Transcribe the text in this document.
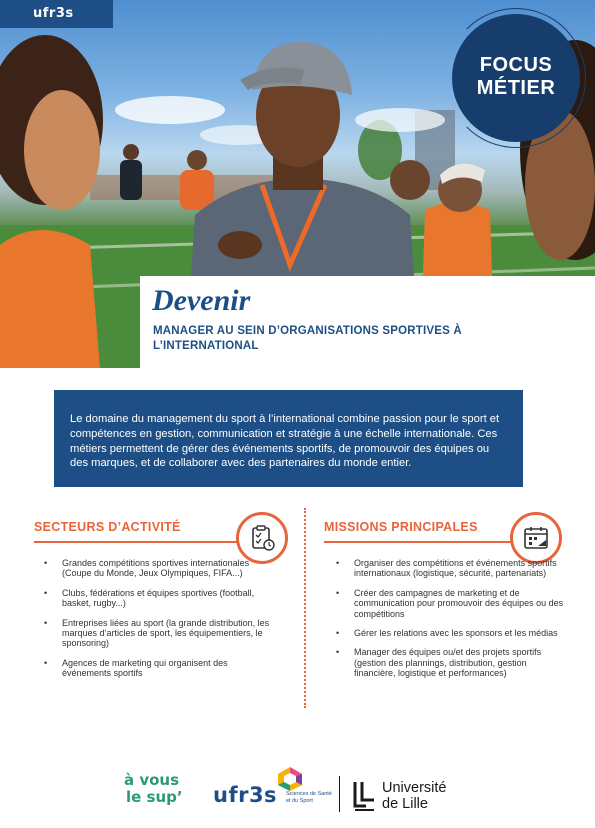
ufr3s
FOCUS
MÉTIER
Devenir
MANAGER AU SEIN D’ORGANISATIONS SPORTIVES À L’INTERNATIONAL
Le domaine du management du sport à l’international combine passion pour le sport et compétences en gestion, communication et stratégie à une échelle internationale. Ces métiers permettent de gérer des événements sportifs, de promouvoir des équipes ou des marques, et de collaborer avec des partenaires du monde entier.
SECTEURS D’ACTIVITÉ
• Grandes compétitions sportives internationales (Coupe du Monde, Jeux Olympiques, FIFA...)
• Clubs, fédérations et équipes sportives (football, basket, rugby...)
• Entreprises liées au sport (la grande distribution, les marques d’articles de sport, les équipementiers, le sponsoring)
• Agences de marketing qui organisent des événements sportifs
MISSIONS PRINCIPALES
• Organiser des compétitions et événements sportifs internationaux (logistique, sécurité, partenariats)
• Créer des campagnes de marketing et de communication pour promouvoir des équipes ou des compétitions
• Gérer les relations avec les sponsors et les médias
• Manager des équipes ou/et des projets sportifs (gestion des plannings, distribution, gestion financière, logistique et performances)
à vous
le sup’	ufr3s Sciences de Santé et du Sport
Université
de Lille
